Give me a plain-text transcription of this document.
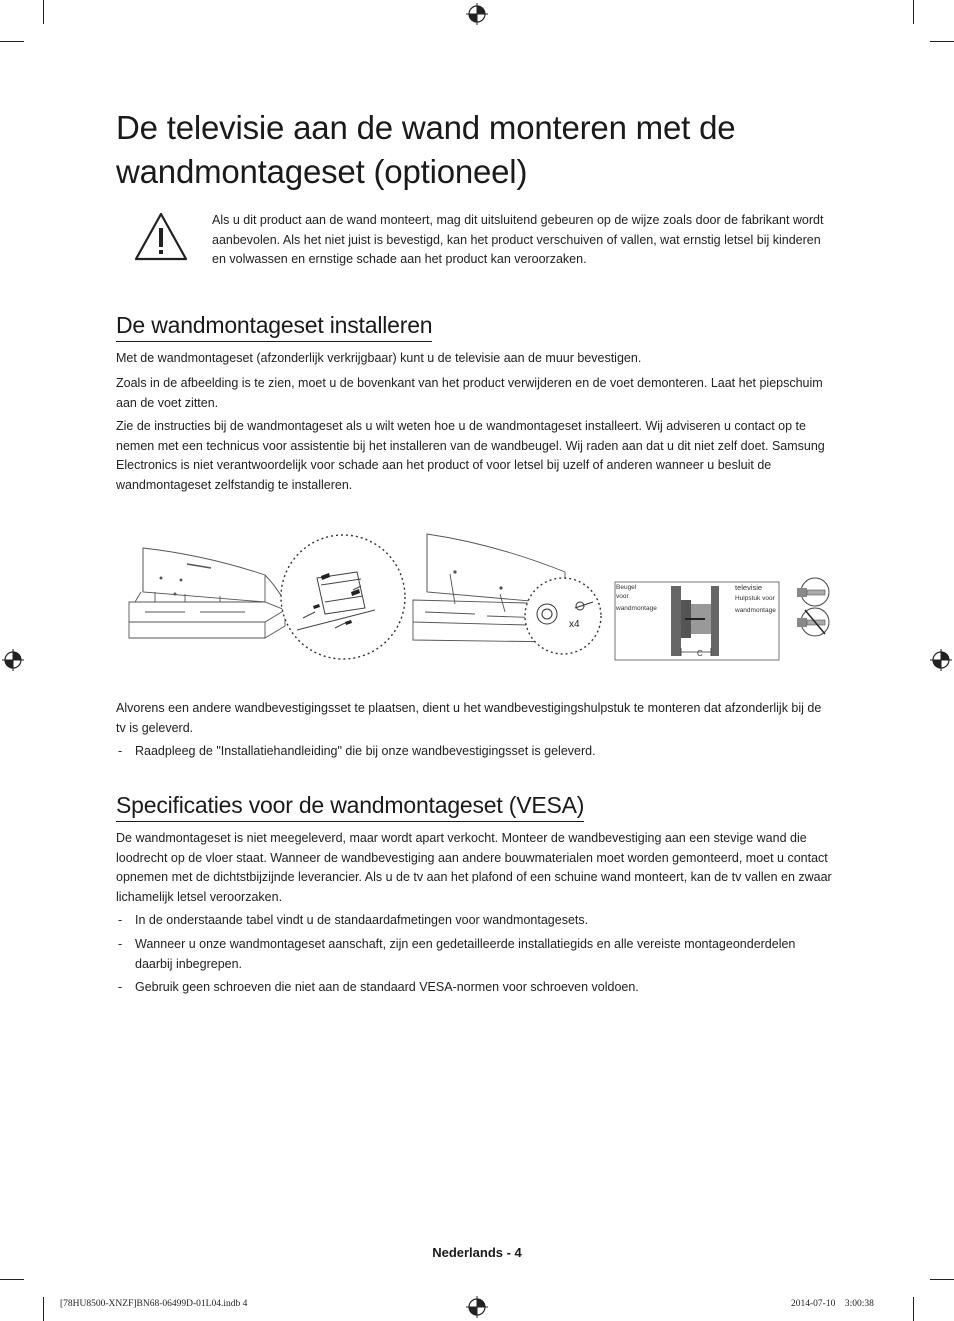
De televisie aan de wand monteren met de wandmontageset (optioneel)
Als u dit product aan de wand monteert, mag dit uitsluitend gebeuren op de wijze zoals door de fabrikant wordt aanbevolen. Als het niet juist is bevestigd, kan het product verschuiven of vallen, wat ernstig letsel bij kinderen en volwassen en ernstige schade aan het product kan veroorzaken.
De wandmontageset installeren
Met de wandmontageset (afzonderlijk verkrijgbaar) kunt u de televisie aan de muur bevestigen.
Zoals in de afbeelding is te zien, moet u de bovenkant van het product verwijderen en de voet demonteren. Laat het piepschuim aan de voet zitten.
Zie de instructies bij de wandmontageset als u wilt weten hoe u de wandmontageset installeert. Wij adviseren u contact op te nemen met een technicus voor assistentie bij het installeren van de wandbeugel. Wij raden aan dat u dit niet zelf doet. Samsung Electronics is niet verantwoordelijk voor schade aan het product of voor letsel bij uzelf of anderen wanneer u besluit de wandmontageset zelfstandig te installeren.
x4
Beugel
voor
wandmontage
televisie
Hulpstuk voor
wandmontage
C
Alvorens een andere wandbevestigingsset te plaatsen, dient u het wandbevestigingshulpstuk te monteren dat afzonderlijk bij de tv is geleverd.
- Raadpleeg de "Installatiehandleiding" die bij onze wandbevestigingsset is geleverd.
Specificaties voor de wandmontageset (VESA)
De wandmontageset is niet meegeleverd, maar wordt apart verkocht. Monteer de wandbevestiging aan een stevige wand die loodrecht op de vloer staat. Wanneer de wandbevestiging aan andere bouwmaterialen moet worden gemonteerd, moet u contact opnemen met de dichtstbijzijnde leverancier. Als u de tv aan het plafond of een schuine wand monteert, kan de tv vallen en zwaar lichamelijk letsel veroorzaken.
- In de onderstaande tabel vindt u de standaardafmetingen voor wandmontagesets.
- Wanneer u onze wandmontageset aanschaft, zijn een gedetailleerde installatiegids en alle vereiste montageonderdelen daarbij inbegrepen.
- Gebruik geen schroeven die niet aan de standaard VESA-normen voor schroeven voldoen.
Nederlands - 4
[78HU8500-XNZF]BN68-06499D-01L04.indb 4	2014-07-10    3:00:38
